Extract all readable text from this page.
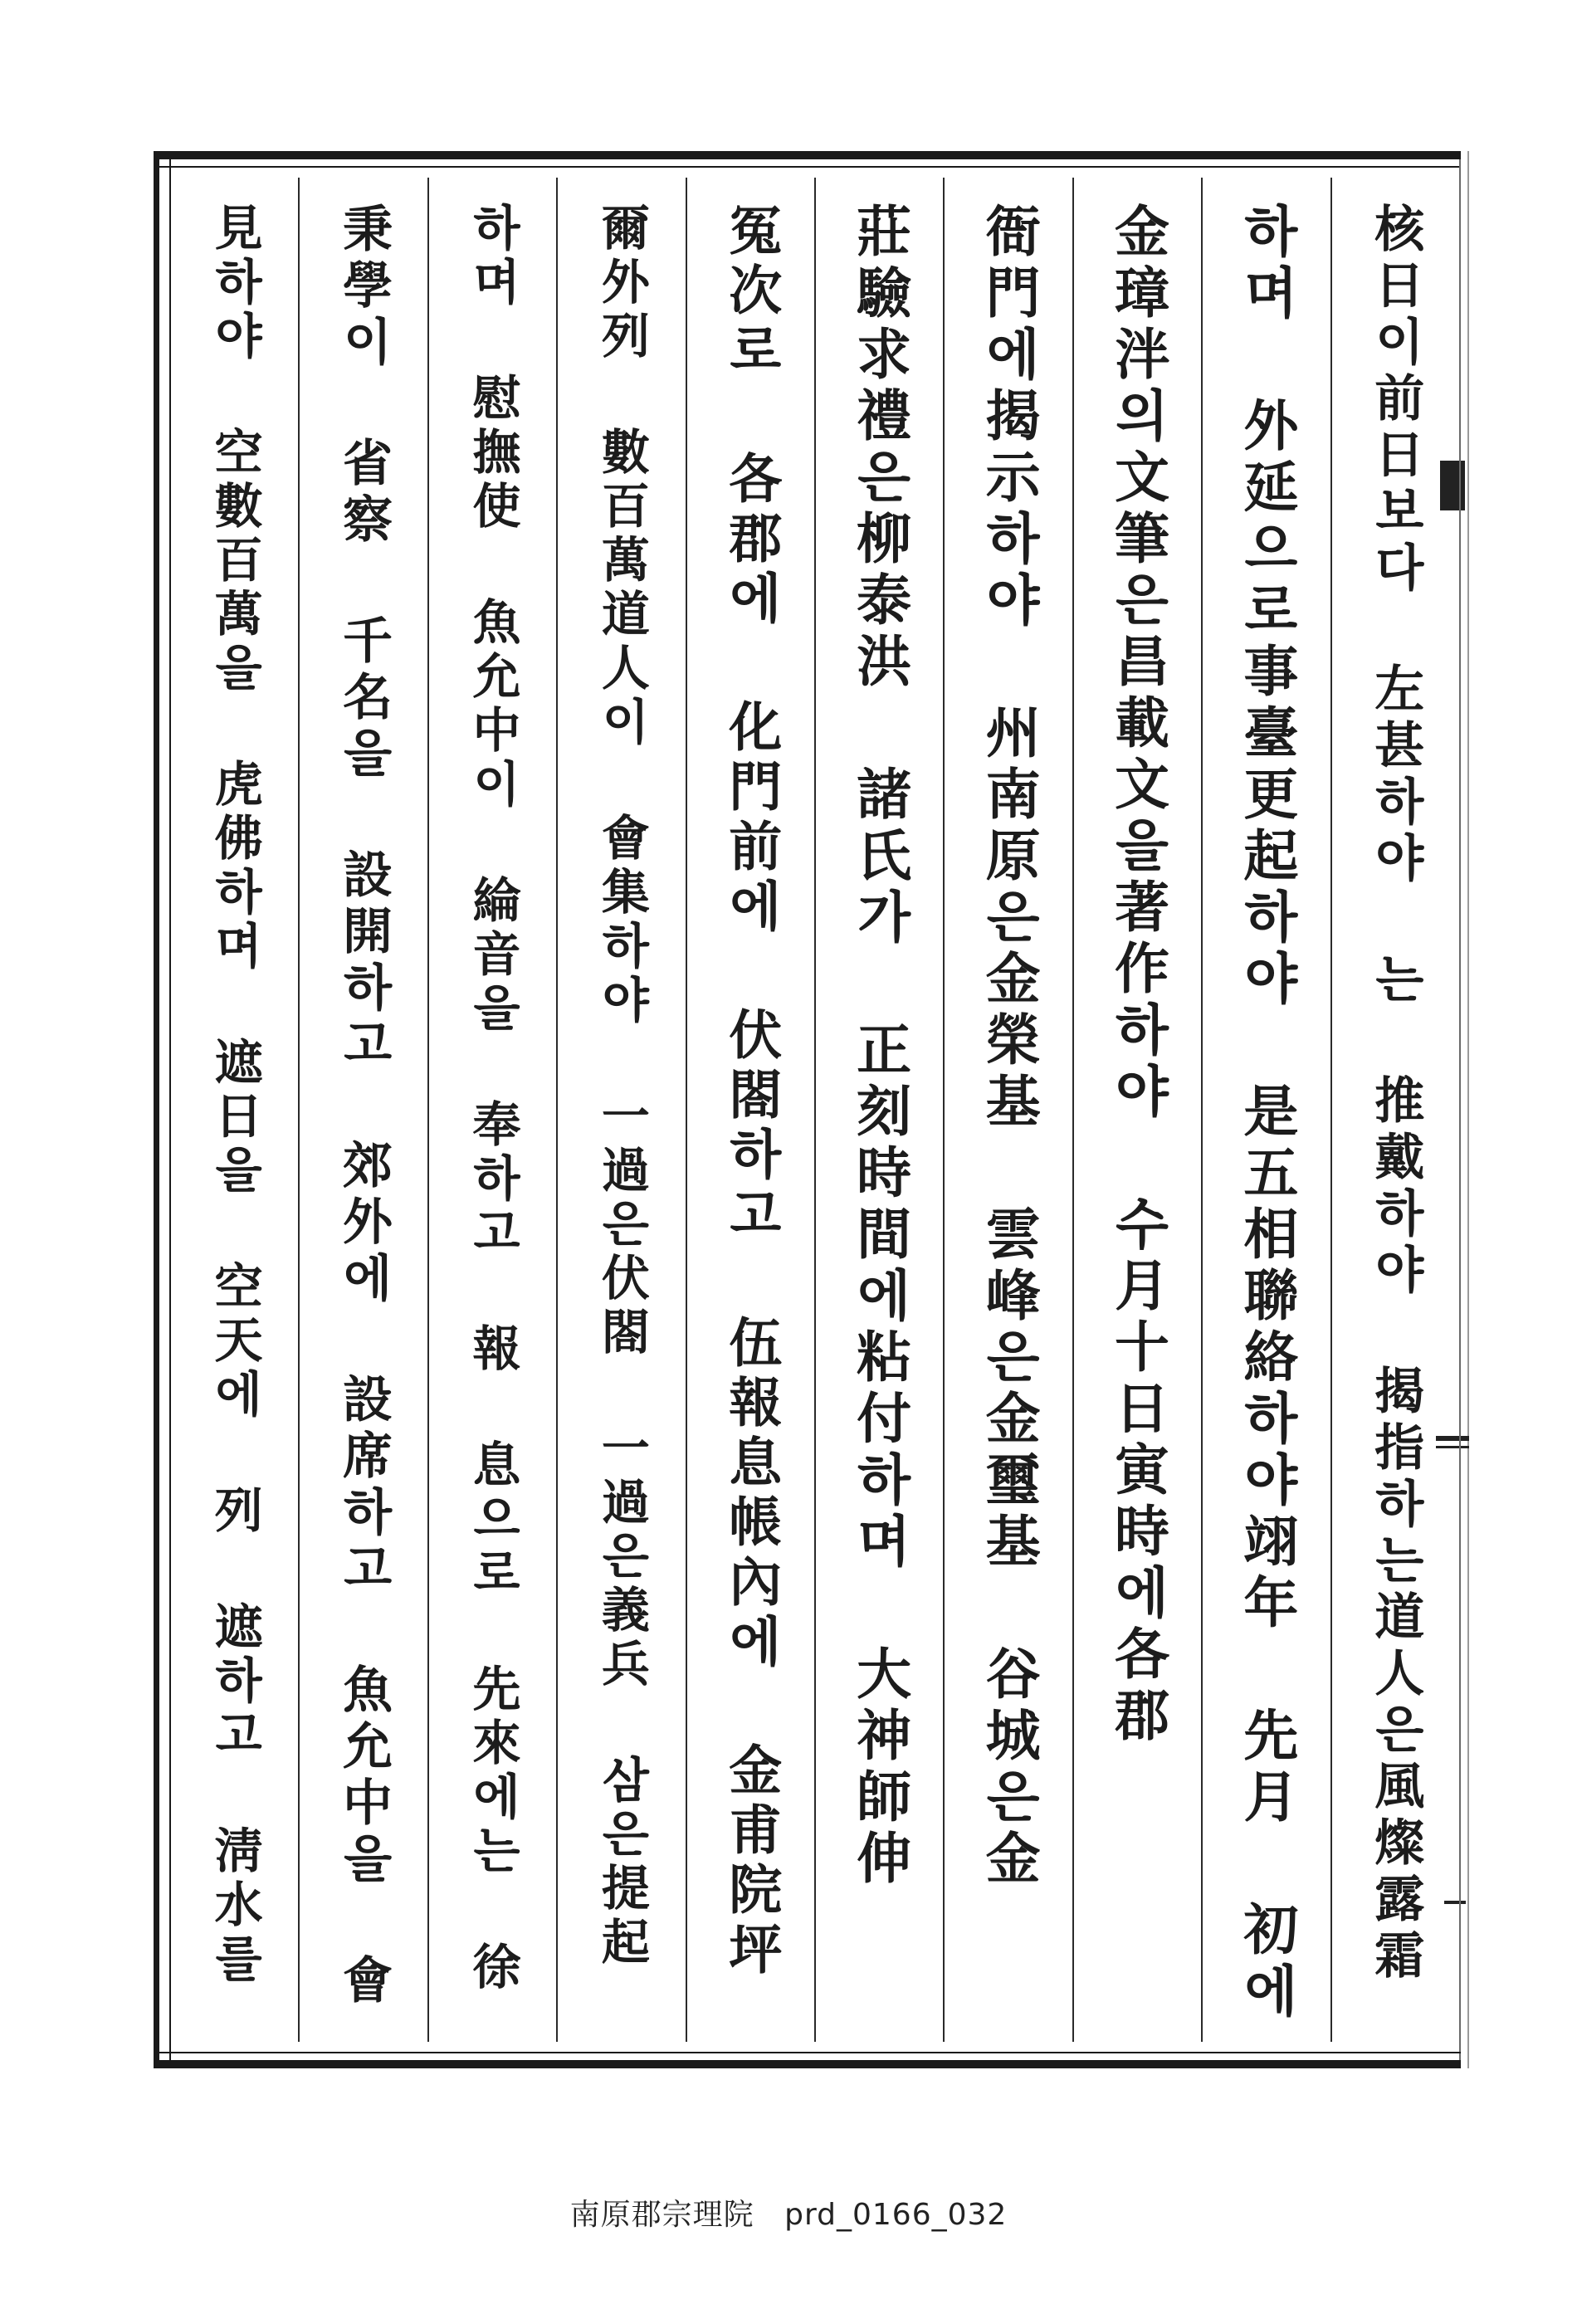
核日이前日보다 左甚하야 는 推戴하야 揭指하는道人은風燦露霜
하며 外延으로事臺更起하야 是五相聯絡하야翊年 先月 初에
金璋泮의文筆은昌載文을著作하야 수月十日寅時에各郡
衙門에揭示하야 州南原은金榮基 雲峰은金璽基 谷城은金
莊驗求禮은柳泰洪 諸氏가 正刻時間에粘付하며 大神師伸
冤次로 各郡에 化門前에 伏閤하고 伍報息帳內에 金甫院坪
爾外列 數百萬道人이 會集하야 一過은伏閤 一過은義兵 삼은提起
하며 慰撫使 魚允中이 綸音을 奉하고 報 息으로 先來에는 徐
秉學이 省察 千名을 設開하고 郊外에 設席하고 魚允中을 會
見하야 空數百萬을 虎佛하며 遮日을 空天에 列 遮하고 淸水를
南原郡宗理院 prd_0166_032
